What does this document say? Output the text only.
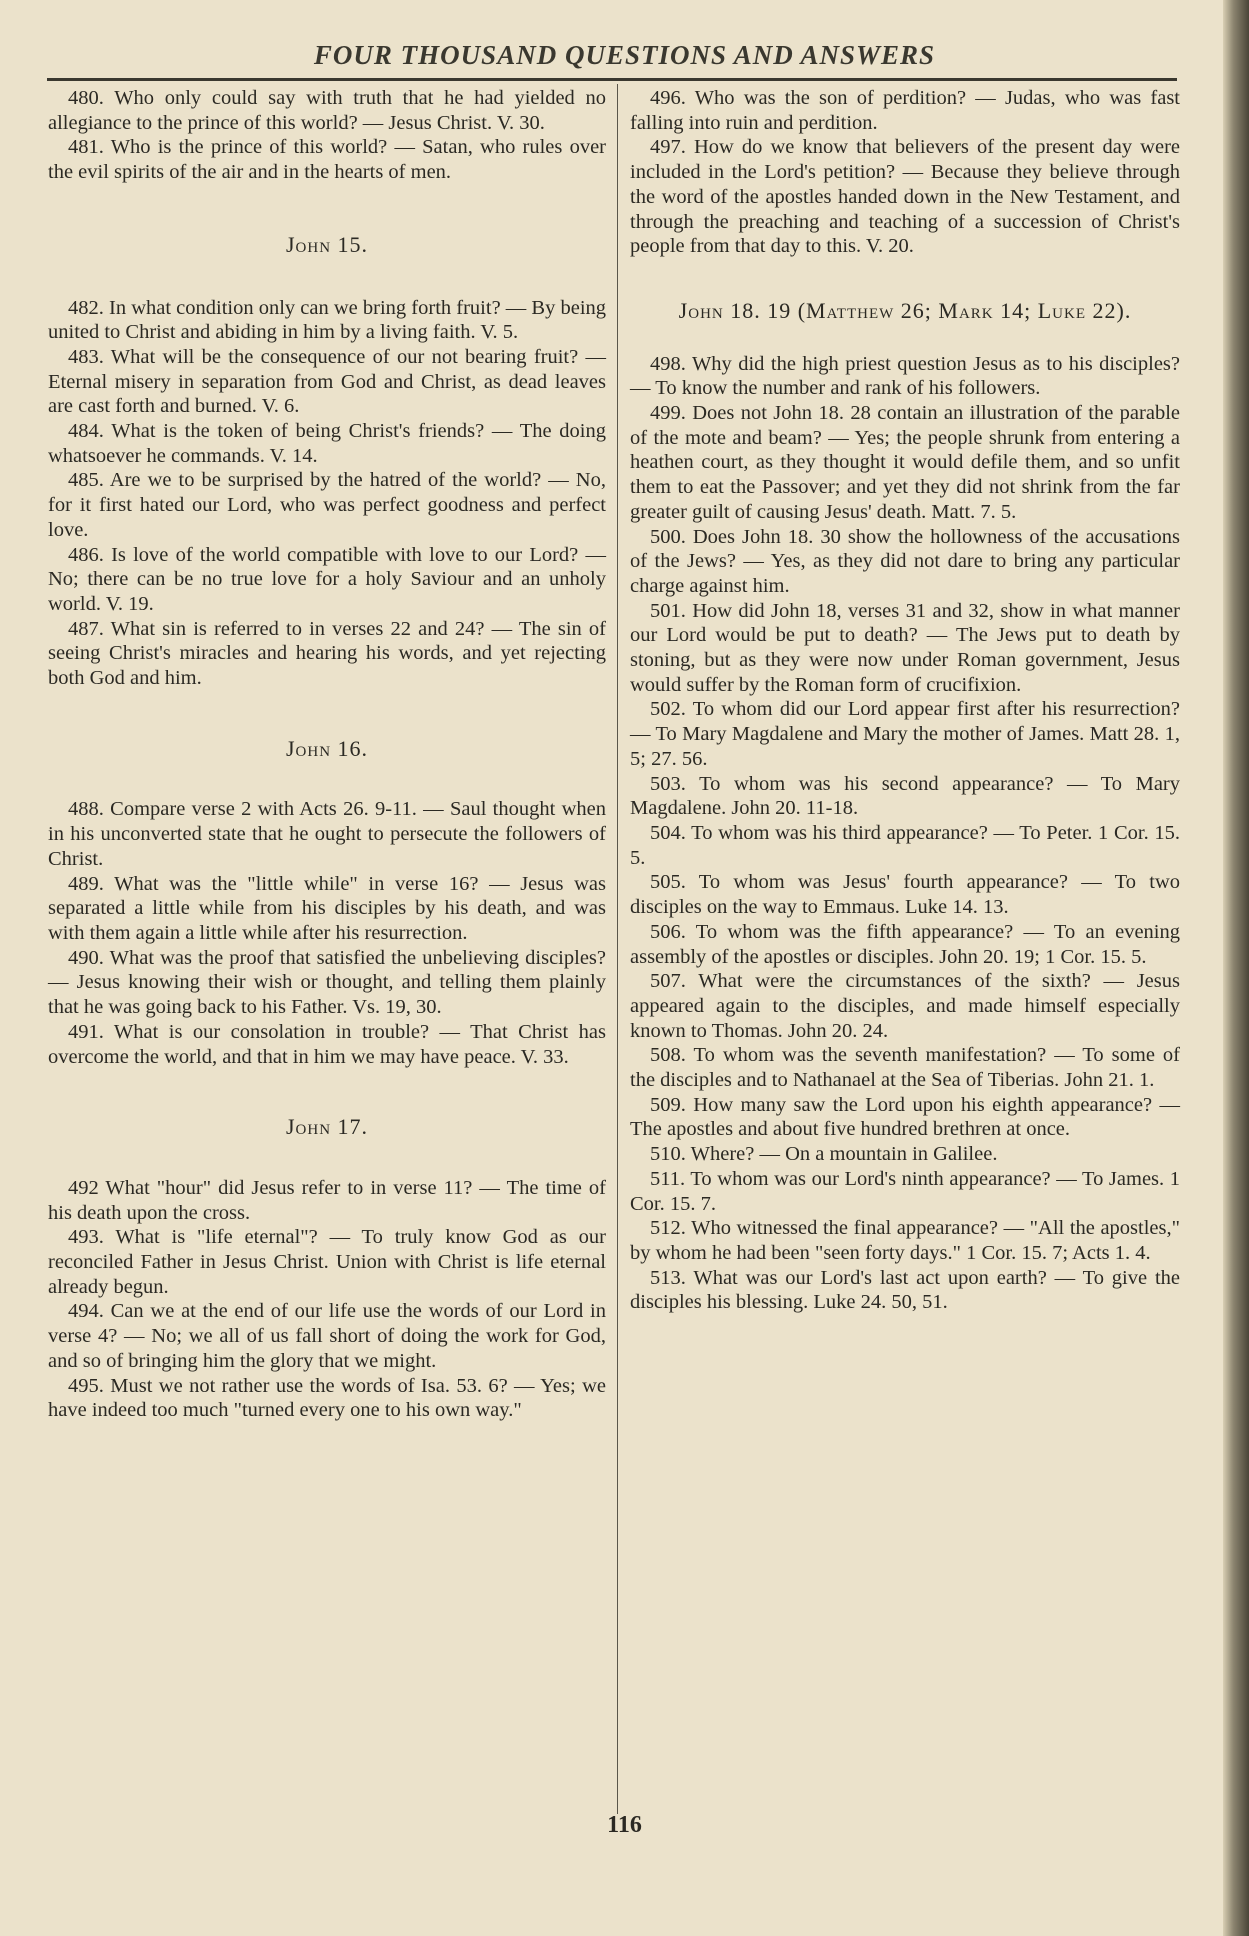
FOUR THOUSAND QUESTIONS AND ANSWERS

480. Who only could say with truth that he had yielded no allegiance to the prince of this world? — Jesus Christ. V. 30.

481. Who is the prince of this world? — Satan, who rules over the evil spirits of the air and in the hearts of men.

John 15.

482. In what condition only can we bring forth fruit? — By being united to Christ and abiding in him by a living faith. V. 5.

483. What will be the consequence of our not bearing fruit? — Eternal misery in separation from God and Christ, as dead leaves are cast forth and burned. V. 6.

484. What is the token of being Christ's friends? — The doing whatsoever he commands. V. 14.

485. Are we to be surprised by the hatred of the world? — No, for it first hated our Lord, who was perfect goodness and perfect love.

486. Is love of the world compatible with love to our Lord? — No; there can be no true love for a holy Saviour and an unholy world. V. 19.

487. What sin is referred to in verses 22 and 24? — The sin of seeing Christ's miracles and hearing his words, and yet rejecting both God and him.

John 16.

488. Compare verse 2 with Acts 26. 9-11. — Saul thought when in his unconverted state that he ought to persecute the followers of Christ.

489. What was the "little while" in verse 16? — Jesus was separated a little while from his disciples by his death, and was with them again a little while after his resurrection.

490. What was the proof that satisfied the unbelieving disciples? — Jesus knowing their wish or thought, and telling them plainly that he was going back to his Father. Vs. 19, 30.

491. What is our consolation in trouble? — That Christ has overcome the world, and that in him we may have peace. V. 33.

John 17.

492 What "hour" did Jesus refer to in verse 11? — The time of his death upon the cross.

493. What is "life eternal"? — To truly know God as our reconciled Father in Jesus Christ. Union with Christ is life eternal already begun.

494. Can we at the end of our life use the words of our Lord in verse 4? — No; we all of us fall short of doing the work for God, and so of bringing him the glory that we might.

495. Must we not rather use the words of Isa. 53. 6? — Yes; we have indeed too much "turned every one to his own way."

496. Who was the son of perdition? — Judas, who was fast falling into ruin and perdition.

497. How do we know that believers of the present day were included in the Lord's petition? — Because they believe through the word of the apostles handed down in the New Testament, and through the preaching and teaching of a succession of Christ's people from that day to this. V. 20.

John 18. 19 (Matthew 26; Mark 14; Luke 22).

498. Why did the high priest question Jesus as to his disciples? — To know the number and rank of his followers.

499. Does not John 18. 28 contain an illustration of the parable of the mote and beam? — Yes; the people shrunk from entering a heathen court, as they thought it would defile them, and so unfit them to eat the Passover; and yet they did not shrink from the far greater guilt of causing Jesus' death. Matt. 7. 5.

500. Does John 18. 30 show the hollowness of the accusations of the Jews? — Yes, as they did not dare to bring any particular charge against him.

501. How did John 18, verses 31 and 32, show in what manner our Lord would be put to death? — The Jews put to death by stoning, but as they were now under Roman government, Jesus would suffer by the Roman form of crucifixion.

502. To whom did our Lord appear first after his resurrection? — To Mary Magdalene and Mary the mother of James. Matt 28. 1, 5; 27. 56.

503. To whom was his second appearance? — To Mary Magdalene. John 20. 11-18.

504. To whom was his third appearance? — To Peter. 1 Cor. 15. 5.

505. To whom was Jesus' fourth appearance? — To two disciples on the way to Emmaus. Luke 14. 13.

506. To whom was the fifth appearance? — To an evening assembly of the apostles or disciples. John 20. 19; 1 Cor. 15. 5.

507. What were the circumstances of the sixth? — Jesus appeared again to the disciples, and made himself especially known to Thomas. John 20. 24.

508. To whom was the seventh manifestation? — To some of the disciples and to Nathanael at the Sea of Tiberias. John 21. 1.

509. How many saw the Lord upon his eighth appearance? — The apostles and about five hundred brethren at once.

510. Where? — On a mountain in Galilee.

511. To whom was our Lord's ninth appearance? — To James. 1 Cor. 15. 7.

512. Who witnessed the final appearance? — "All the apostles," by whom he had been "seen forty days." 1 Cor. 15. 7; Acts 1. 4.

513. What was our Lord's last act upon earth? — To give the disciples his blessing. Luke 24. 50, 51.

116
